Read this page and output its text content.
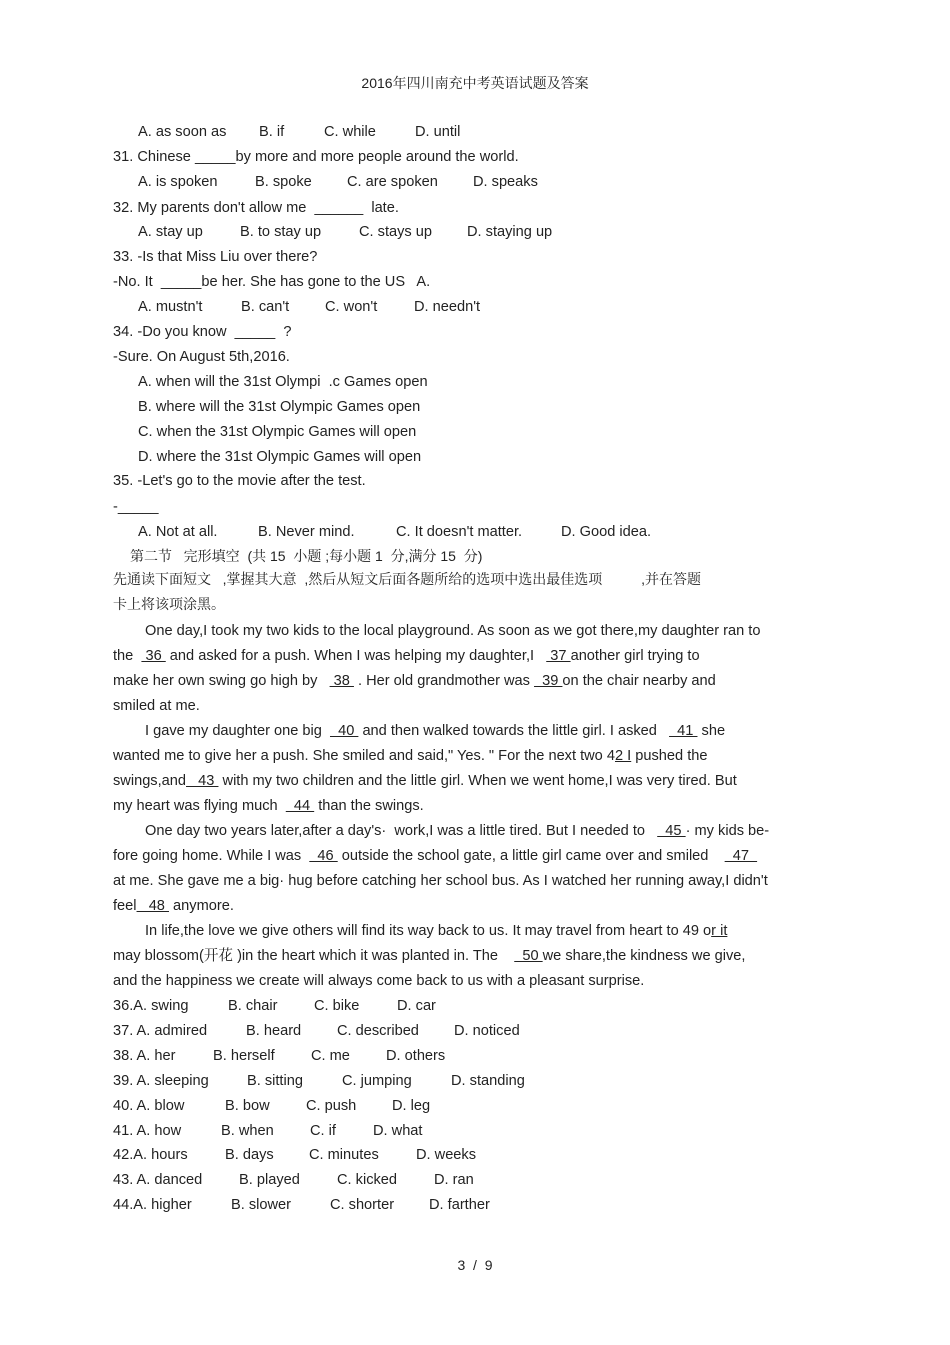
2016年四川南充中考英语试题及答案
A. as soon as B. if	C. while	D. until
31. Chinese _____by more and more people around the world.
A. is spoken	B. spoke C. are spoken D. speaks
32. My parents don't allow me  ______  late.
A. stay up	B. to stay up	C. stays up D. staying up
33. -Is that Miss Liu over there?
-No. It  _____be her. She has gone to the US   A.
A. mustn't	B. can't C. won't	D. needn't
34. -Do you know  _____  ?
-Sure. On August 5th,2016.
A. when will the 31st Olympi  .c Games open
B. where will the 31st Olympic Games open
C. when the 31st Olympic Games will open
D. where the 31st Olympic Games will open
35. -Let's go to the movie after the test.
-_____
A. Not at all.	B. Never mind.	C. It doesn't matter.	D. Good idea.
第二节   完形填空  (共 15  小题 ;每小题 1  分,满分 15  分)
先通读下面短文   ,掌握其大意  ,然后从短文后面各题所给的选项中选出最佳选项          ,并在答题
卡上将该项涂黑。
One day,I took my two kids to the local playground. As soon as we got there,my daughter ran to
the   36  and asked for a push. When I was helping my daughter,I    37 another girl trying to
make her own swing go high by    38  . Her old grandmother was   39 on the chair nearby and
smiled at me.
I gave my daughter one big    40  and then walked towards the little girl. I asked     41  she
wanted me to give her a push. She smiled and said," Yes. " For the next two 42 I pushed the
swings,and   43  with my two children and the little girl. When we went home,I was very tired. But
my heart was flying much    44  than the swings.
One day two years later,after a day's·  work,I was a little tired. But I needed to     45 · my kids be-
fore going home. While I was    46  outside the school gate, a little girl came over and smiled      47
at me. She gave me a big· hug before catching her school bus. As I watched her running away,I didn't
feel   48  anymore.
In life,the love we give others will find its way back to us. It may travel from heart to 49 or it
may blossom(开花 )in the heart which it was planted in. The      50 we share,the kindness we give,
and the happiness we create will always come back to us with a pleasant surprise.
36.A. swing	B. chair	C. bike	D. car
37. A. admired	B. heard C. described D. noticed
38. A. her	B. herself C. me D. others
39. A. sleeping	B. sitting	C. jumping	D. standing
40. A. blow	B. bow C. push D. leg
41. A. how	B. when C. if	D. what
42.A. hours	B. days C. minutes	D. weeks
43. A. danced	B. played	C. kicked	D. ran
44.A. higher	B. slower	C. shorter D. farther
3  /  9
